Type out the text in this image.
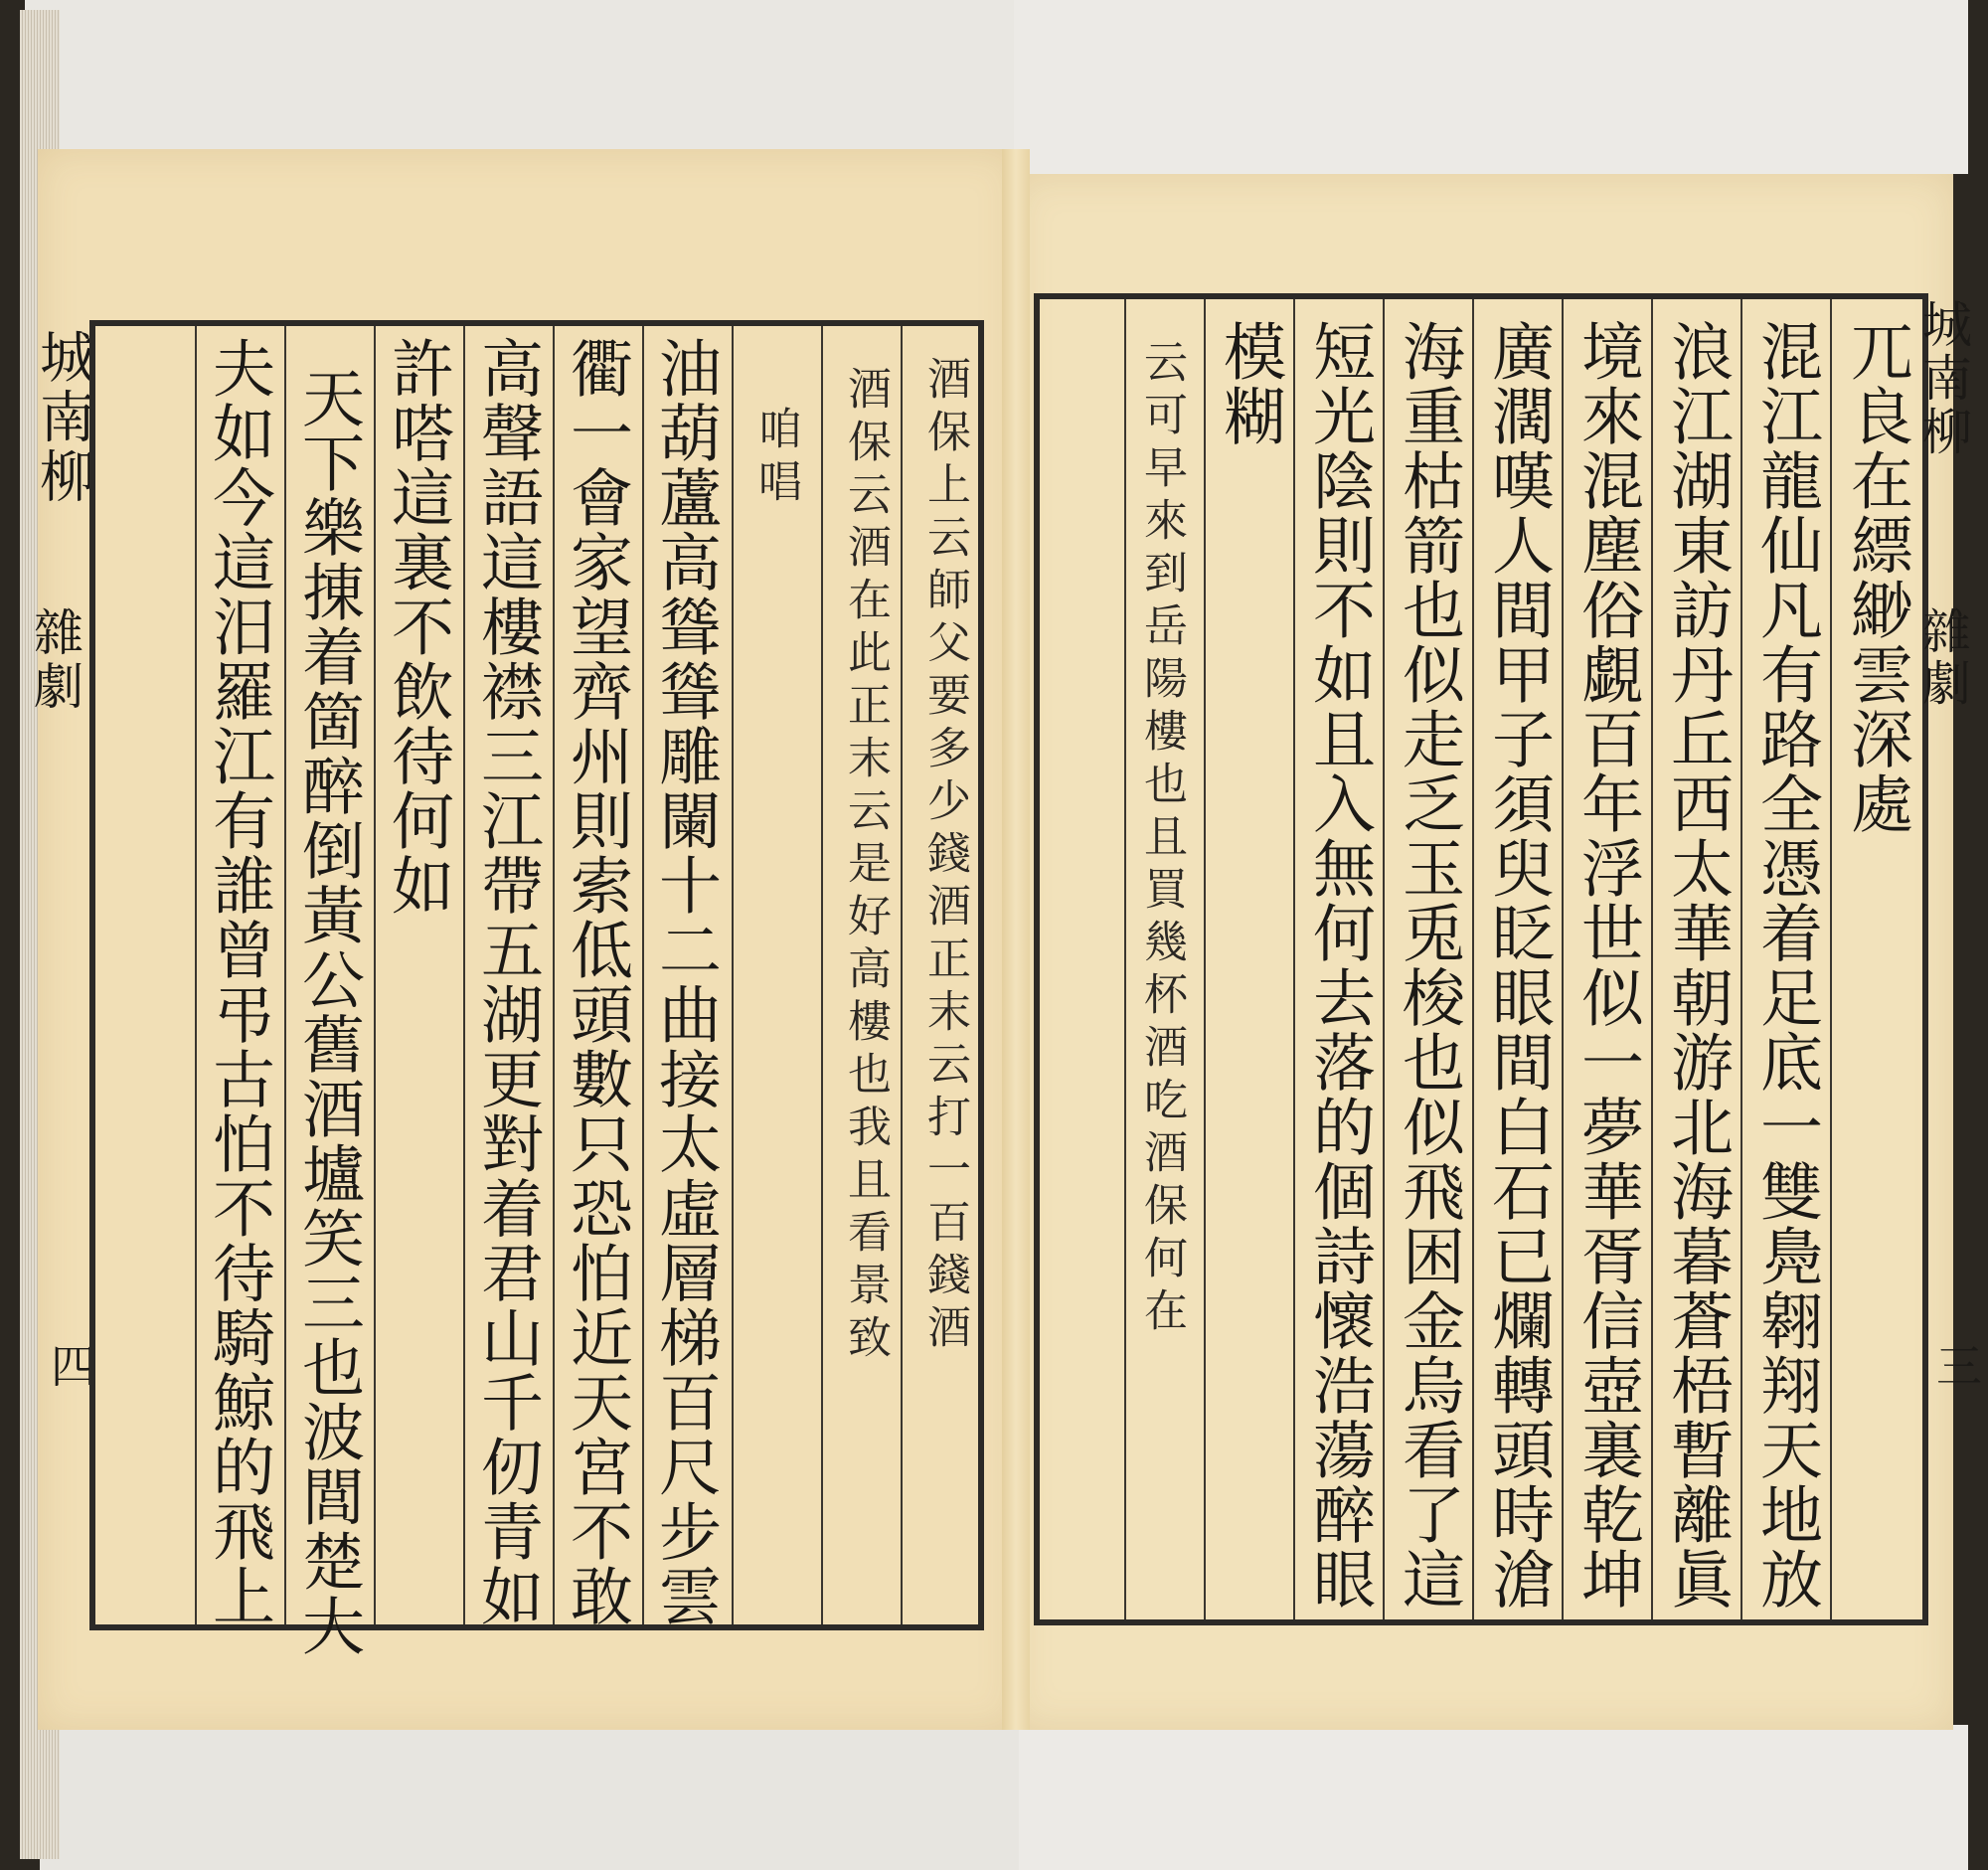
城南柳
雜劇
四
酒保上云師父要多少錢酒正末云打一百錢酒
酒保云酒在此正末云是好高樓也我且看景致
咱唱
油葫蘆高聳聳雕闌十二曲接太虛層梯百尺步雲
衢一會家望齊州則索低頭數只恐怕近天宮不敢
高聲語這樓襟三江帶五湖更對着君山千仞青如
許嗒這裏不飲待何如
天下樂㨂着箇醉倒黃公舊酒壚笑三也波閭楚大
夫如今這汨羅江有誰曾弔古怕不待騎鯨的飛上	兀良在縹緲雲深處
混江龍仙凡有路全憑着足底一雙鳧翱翔天地放
浪江湖東訪丹丘西太華朝游北海暮蒼梧暫離眞
境來混塵俗覷百年浮世似一夢華胥信壺裏乾坤
廣濶嘆人間甲子須臾眨眼間白石已爛轉頭時滄
海重枯箭也似走乏玉兎梭也似飛困金烏看了這
短光陰則不如且入無何去落的個詩懷浩蕩醉眼
模糊
云可早來到岳陽樓也且買幾杯酒吃酒保何在	城南柳
雜劇
三
